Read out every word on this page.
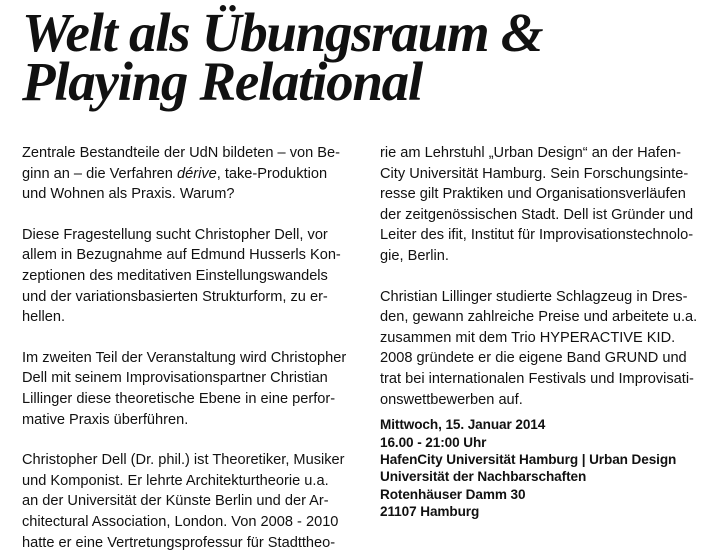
Welt als Übungsraum &
Playing Relational

Zentrale Bestandteile der UdN bildeten – von Be-
ginn an – die Verfahren dérive, take-Produktion
und Wohnen als Praxis. Warum?

Diese Fragestellung sucht Christopher Dell, vor
allem in Bezugnahme auf Edmund Husserls Kon-
zeptionen des meditativen Einstellungswandels
und der variationsbasierten Strukturform, zu er-
hellen.

Im zweiten Teil der Veranstaltung wird Christopher
Dell mit seinem Improvisationspartner Christian
Lillinger diese theoretische Ebene in eine perfor-
mative Praxis überführen.

Christopher Dell (Dr. phil.) ist Theoretiker, Musiker
und Komponist. Er lehrte Architekturtheorie u.a.
an der Universität der Künste Berlin und der Ar-
chitectural Association, London. Von 2008 - 2010
hatte er eine Vertretungsprofessur für Stadttheo-

rie am Lehrstuhl „Urban Design“ an der Hafen-
City Universität Hamburg. Sein Forschungsinte-
resse gilt Praktiken und Organisationsverläufen
der zeitgenössischen Stadt. Dell ist Gründer und
Leiter des ifit, Institut für Improvisationstechnolo-
gie, Berlin.

Christian Lillinger studierte Schlagzeug in Dres-
den, gewann zahlreiche Preise und arbeitete u.a.
zusammen mit dem Trio HYPERACTIVE KID.
2008 gründete er die eigene Band GRUND und
trat bei internationalen Festivals und Improvisati-
onswettbewerben auf.

Mittwoch, 15. Januar 2014
16.00 - 21:00 Uhr
HafenCity Universität Hamburg | Urban Design
Universität der Nachbarschaften
Rotenhäuser Damm 30
21107 Hamburg
